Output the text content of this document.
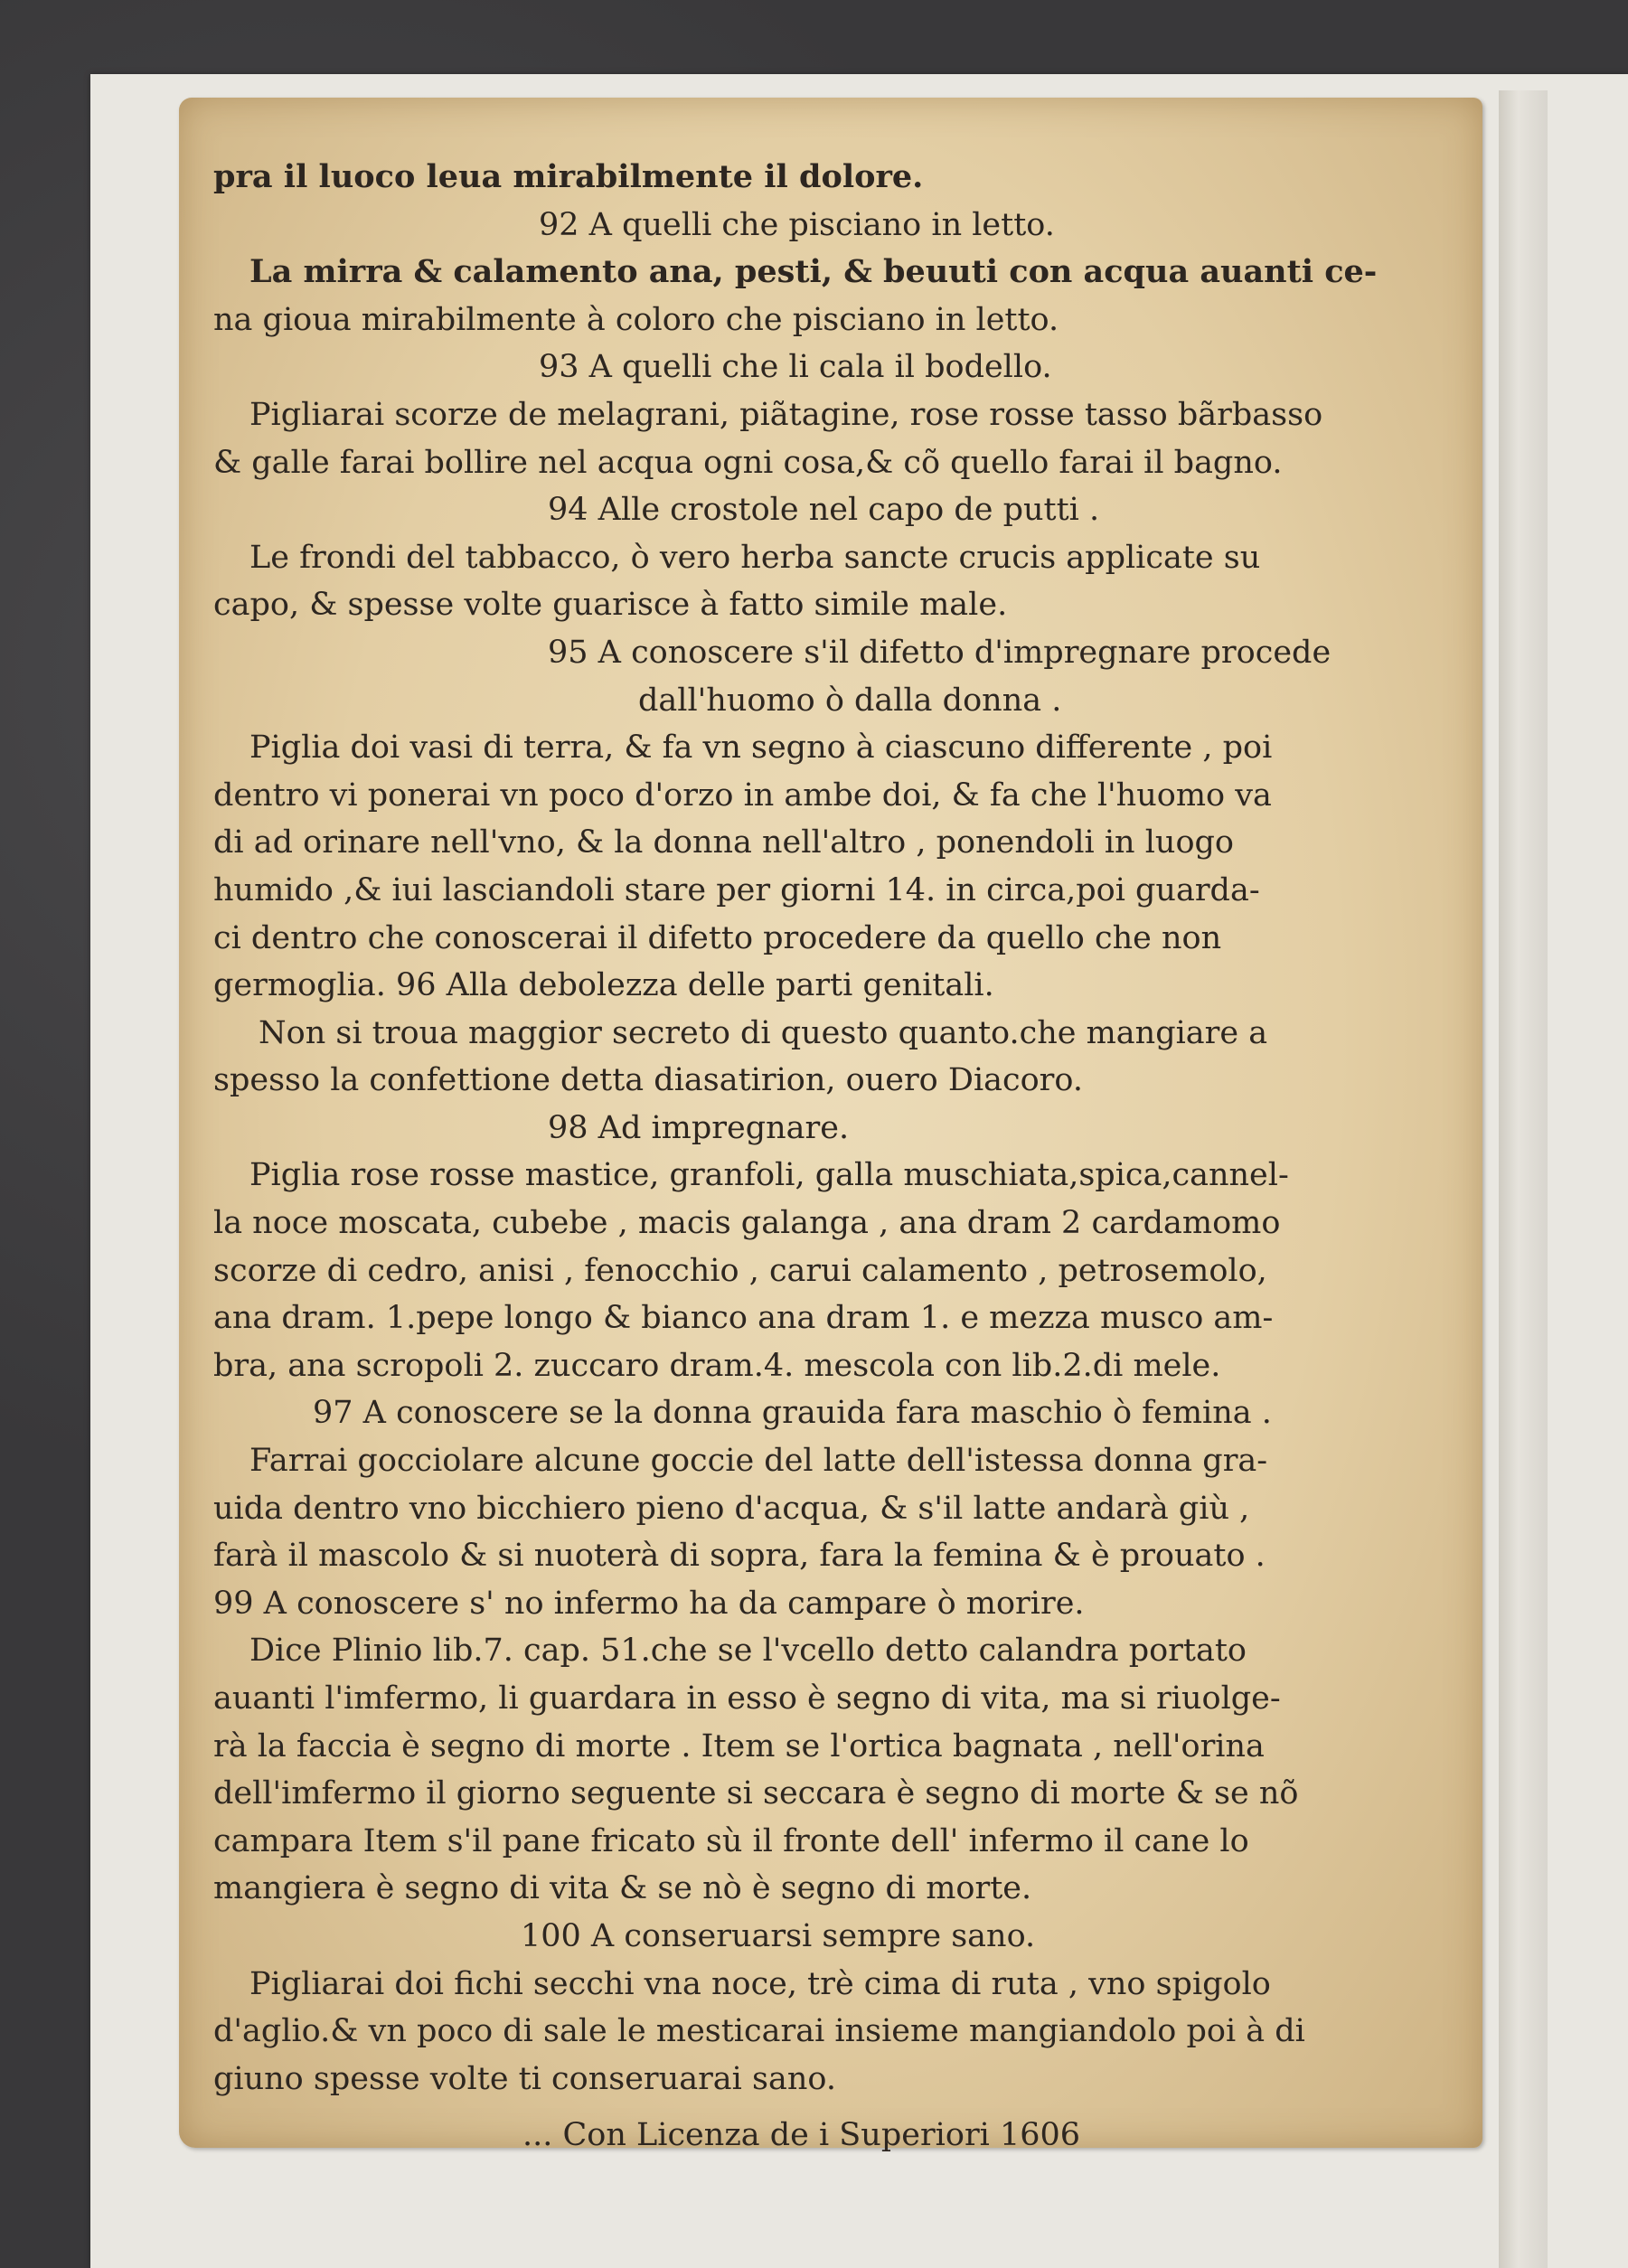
pra il luoco leua mirabilmente il dolore.
92 A quelli che pisciano in letto.
La mirra & calamento ana, pesti, & beuuti con acqua auanti ce-
na gioua mirabilmente à coloro che pisciano in letto.
93 A quelli che li cala il bodello.
Pigliarai scorze de melagrani, piãtagine, rose rosse tasso bãrbasso
& galle farai bollire nel acqua ogni cosa,& cõ quello farai il bagno.
94 Alle crostole nel capo de putti .
Le frondi del tabbacco, ò vero herba sancte crucis applicate su
capo, & spesse volte guarisce à fatto simile male.
95 A conoscere s'il difetto d'impregnare procede
dall'huomo ò dalla donna .
Piglia doi vasi di terra, & fa vn segno à ciascuno differente , poi
dentro vi ponerai vn poco d'orzo in ambe doi, & fa che l'huomo va
di ad orinare nell'vno, & la donna nell'altro , ponendoli in luogo
humido ,& iui lasciandoli stare per giorni 14. in circa,poi guarda-
ci dentro che conoscerai il difetto procedere da quello che non
germoglia. 96 Alla debolezza delle parti genitali.
Non si troua maggior secreto di questo quanto.che mangiare a
spesso la confettione detta diasatirion, ouero Diacoro.
98 Ad impregnare.
Piglia rose rosse mastice, granfoli, galla muschiata,spica,cannel-
la noce moscata, cubebe , macis galanga , ana dram 2 cardamomo
scorze di cedro, anisi , fenocchio , carui calamento , petrosemolo,
ana dram. 1.pepe longo & bianco ana dram 1. e mezza musco am-
bra, ana scropoli 2. zuccaro dram.4. mescola con lib.2.di mele.
97 A conoscere se la donna grauida fara maschio ò femina .
Farrai gocciolare alcune goccie del latte dell'istessa donna gra-
uida dentro vno bicchiero pieno d'acqua, & s'il latte andarà giù ,
farà il mascolo & si nuoterà di sopra, fara la femina & è prouato .
99 A conoscere s' no infermo ha da campare ò morire.
Dice Plinio lib.7. cap. 51.che se l'vcello detto calandra portato
auanti l'imfermo, li guardara in esso è segno di vita, ma si riuolge-
rà la faccia è segno di morte . Item se l'ortica bagnata , nell'orina
dell'imfermo il giorno seguente si seccara è segno di morte & se nõ
campara Item s'il pane fricato sù il fronte dell' infermo il cane lo
mangiera è segno di vita & se nò è segno di morte.
100 A conseruarsi sempre sano.
Pigliarai doi fichi secchi vna noce, trè cima di ruta , vno spigolo
d'aglio.& vn poco di sale le mesticarai insieme mangiandolo poi à di
giuno spesse volte ti conseruarai sano.
... Con Licenza de i Superiori 1606
